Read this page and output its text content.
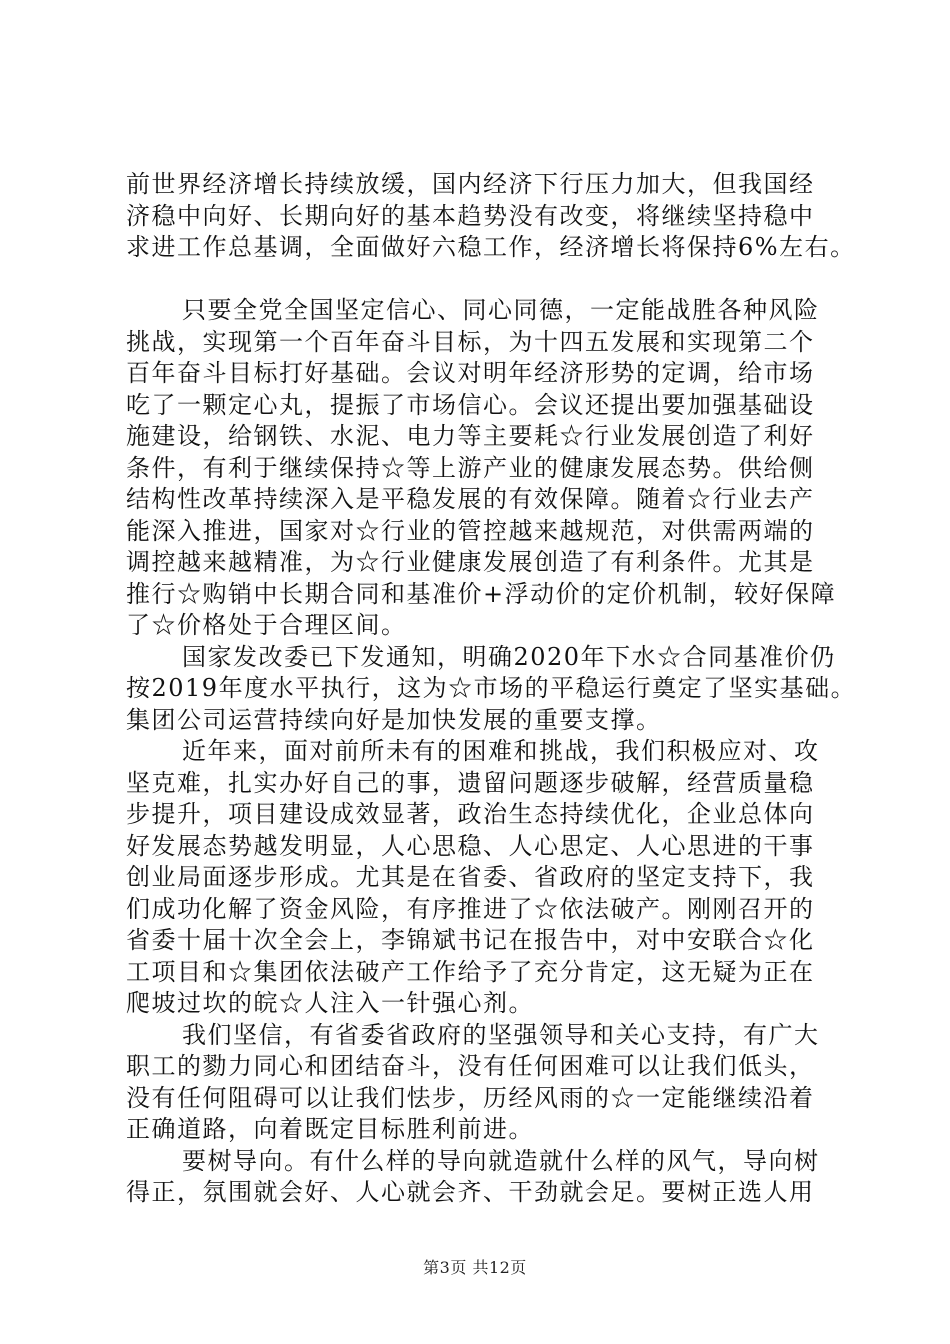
前世界经济增长持续放缓，国内经济下行压力加大，但我国经
济稳中向好、长期向好的基本趋势没有改变，将继续坚持稳中
求进工作总基调，全面做好六稳工作，经济增长将保持6%左右。
只要全党全国坚定信心、同心同德，一定能战胜各种风险
挑战，实现第一个百年奋斗目标，为十四五发展和实现第二个
百年奋斗目标打好基础。会议对明年经济形势的定调，给市场
吃了一颗定心丸，提振了市场信心。会议还提出要加强基础设
施建设，给钢铁、水泥、电力等主要耗☆行业发展创造了利好
条件，有利于继续保持☆等上游产业的健康发展态势。供给侧
结构性改革持续深入是平稳发展的有效保障。随着☆行业去产
能深入推进，国家对☆行业的管控越来越规范，对供需两端的
调控越来越精准，为☆行业健康发展创造了有利条件。尤其是
推行☆购销中长期合同和基准价+浮动价的定价机制，较好保障
了☆价格处于合理区间。
国家发改委已下发通知，明确2020年下水☆合同基准价仍
按2019年度水平执行，这为☆市场的平稳运行奠定了坚实基础。
集团公司运营持续向好是加快发展的重要支撑。
近年来，面对前所未有的困难和挑战，我们积极应对、攻
坚克难，扎实办好自己的事，遗留问题逐步破解，经营质量稳
步提升，项目建设成效显著，政治生态持续优化，企业总体向
好发展态势越发明显，人心思稳、人心思定、人心思进的干事
创业局面逐步形成。尤其是在省委、省政府的坚定支持下，我
们成功化解了资金风险，有序推进了☆依法破产。刚刚召开的
省委十届十次全会上，李锦斌书记在报告中，对中安联合☆化
工项目和☆集团依法破产工作给予了充分肯定，这无疑为正在
爬坡过坎的皖☆人注入一针强心剂。
我们坚信，有省委省政府的坚强领导和关心支持，有广大
职工的勠力同心和团结奋斗，没有任何困难可以让我们低头，
没有任何阻碍可以让我们怯步，历经风雨的☆一定能继续沿着
正确道路，向着既定目标胜利前进。
要树导向。有什么样的导向就造就什么样的风气，导向树
得正，氛围就会好、人心就会齐、干劲就会足。要树正选人用
第3页 共12页
